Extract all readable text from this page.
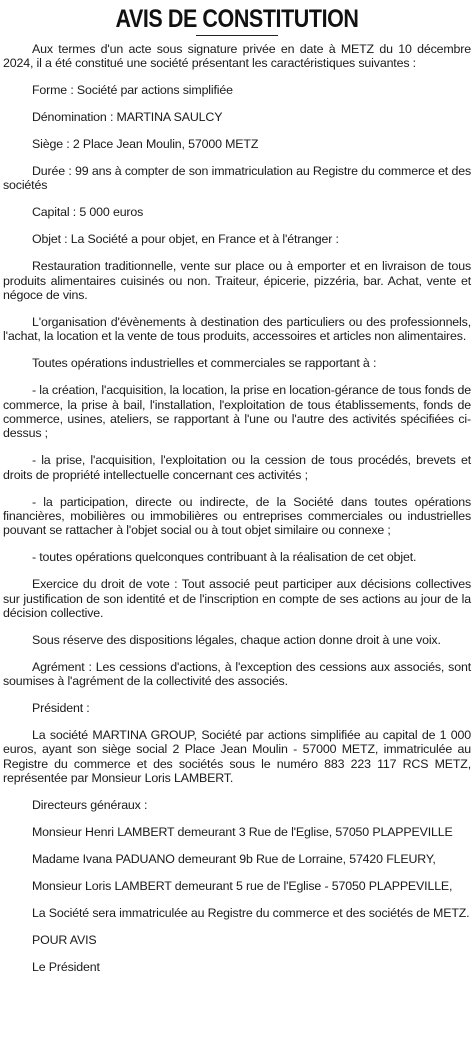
AVIS DE CONSTITUTION

Aux termes d'un acte sous signature privée en date à METZ du 10 décembre 2024, il a été constitué une société présentant les caractéristiques suivantes :

Forme : Société par actions simplifiée

Dénomination : MARTINA SAULCY

Siège : 2 Place Jean Moulin, 57000 METZ

Durée : 99 ans à compter de son immatriculation au Registre du commerce et des sociétés

Capital : 5 000 euros

Objet : La Société a pour objet, en France et à l'étranger :

Restauration traditionnelle, vente sur place ou à emporter et en livraison de tous produits alimentaires cuisinés ou non. Traiteur, épicerie, pizzéria, bar. Achat, vente et négoce de vins.

L'organisation d'évènements à destination des particuliers ou des professionnels, l'achat, la location et la vente de tous produits, accessoires et articles non alimentaires.

Toutes opérations industrielles et commerciales se rapportant à :

- la création, l'acquisition, la location, la prise en location-gérance de tous fonds de commerce, la prise à bail, l'installation, l'exploitation de tous établissements, fonds de commerce, usines, ateliers, se rapportant à l'une ou l'autre des activités spécifiées ci-dessus ;

- la prise, l'acquisition, l'exploitation ou la cession de tous procédés, brevets et droits de propriété intellectuelle concernant ces activités ;

- la participation, directe ou indirecte, de la Société dans toutes opérations financières, mobilières ou immobilières ou entreprises commerciales ou industrielles pouvant se rattacher à l'objet social ou à tout objet similaire ou connexe ;

- toutes opérations quelconques contribuant à la réalisation de cet objet.

Exercice du droit de vote : Tout associé peut participer aux décisions collectives sur justification de son identité et de l'inscription en compte de ses actions au jour de la décision collective.

Sous réserve des dispositions légales, chaque action donne droit à une voix.

Agrément : Les cessions d'actions, à l'exception des cessions aux associés, sont soumises à l'agrément de la collectivité des associés.

Président :

La société MARTINA GROUP, Société par actions simplifiée au capital de 1 000 euros, ayant son siège social 2 Place Jean Moulin - 57000 METZ, immatriculée au Registre du commerce et des sociétés sous le numéro 883 223 117 RCS METZ, représentée par Monsieur Loris LAMBERT.

Directeurs généraux :

Monsieur Henri LAMBERT demeurant 3 Rue de l'Eglise, 57050 PLAPPEVILLE

Madame Ivana PADUANO demeurant 9b Rue de Lorraine, 57420 FLEURY,

Monsieur Loris LAMBERT demeurant 5 rue de l'Eglise - 57050 PLAPPEVILLE,

La Société sera immatriculée au Registre du commerce et des sociétés de METZ.

POUR AVIS

Le Président
